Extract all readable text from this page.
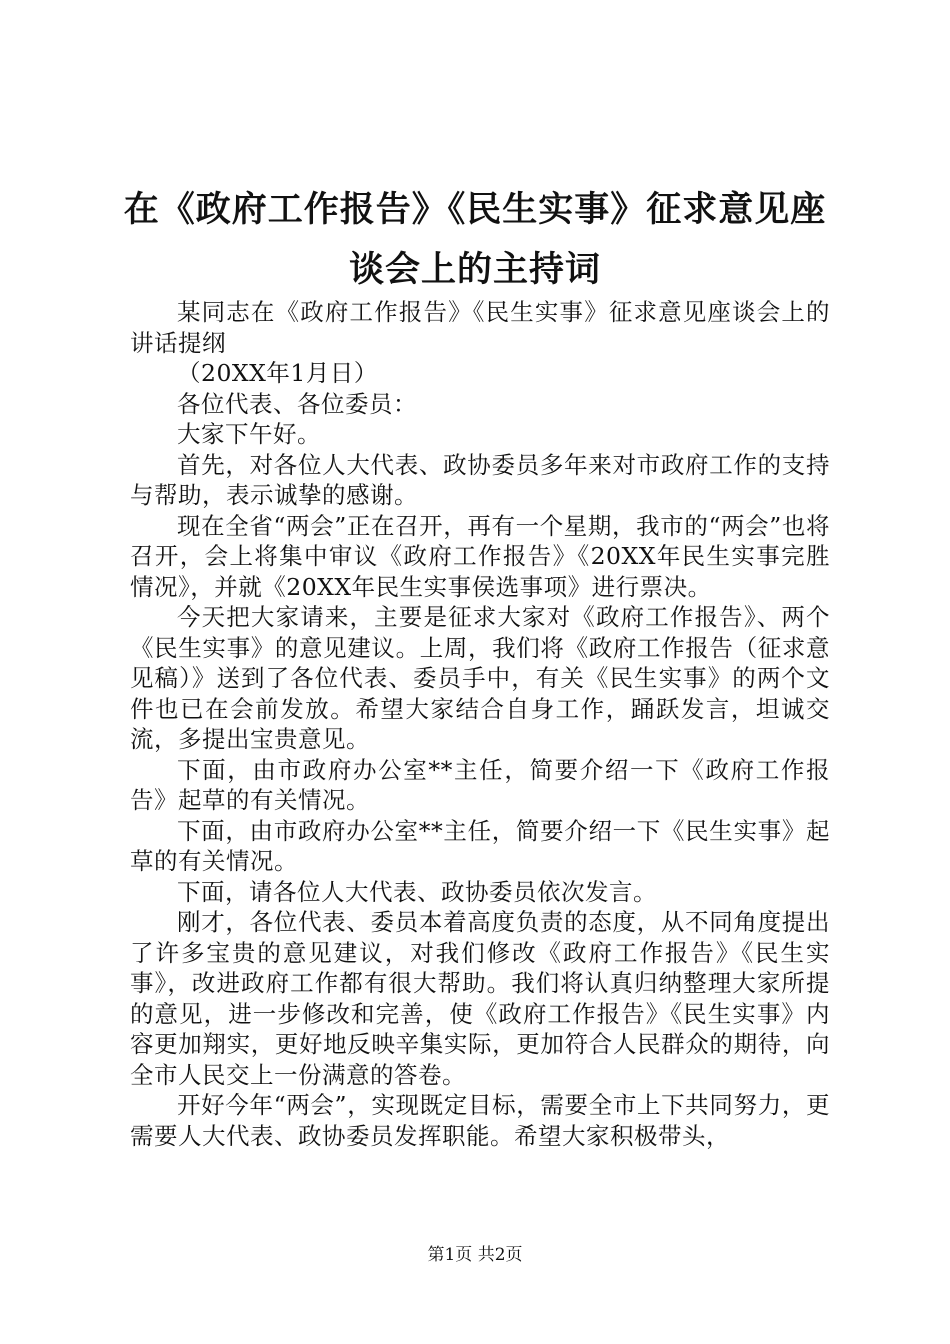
在《政府工作报告》《民生实事》征求意见座
谈会上的主持词

某同志在《政府工作报告》《民生实事》征求意见座谈会上的讲话提纲

（20XX年1月日）

各位代表、各位委员：

大家下午好。

首先，对各位人大代表、政协委员多年来对市政府工作的支持与帮助，表示诚挚的感谢。

现在全省“两会”正在召开，再有一个星期，我市的“两会”也将召开，会上将集中审议《政府工作报告》《20XX年民生实事完胜情况》，并就《20XX年民生实事侯选事项》进行票决。

今天把大家请来，主要是征求大家对《政府工作报告》、两个《民生实事》的意见建议。上周，我们将《政府工作报告（征求意见稿）》送到了各位代表、委员手中，有关《民生实事》的两个文件也已在会前发放。希望大家结合自身工作，踊跃发言，坦诚交流，多提出宝贵意见。

下面，由市政府办公室**主任，简要介绍一下《政府工作报告》起草的有关情况。

下面，由市政府办公室**主任，简要介绍一下《民生实事》起草的有关情况。

下面，请各位人大代表、政协委员依次发言。

刚才，各位代表、委员本着高度负责的态度，从不同角度提出了许多宝贵的意见建议，对我们修改《政府工作报告》《民生实事》，改进政府工作都有很大帮助。我们将认真归纳整理大家所提的意见，进一步修改和完善，使《政府工作报告》《民生实事》内容更加翔实，更好地反映辛集实际，更加符合人民群众的期待，向全市人民交上一份满意的答卷。

开好今年“两会”，实现既定目标，需要全市上下共同努力，更需要人大代表、政协委员发挥职能。希望大家积极带头，

第1页 共2页
